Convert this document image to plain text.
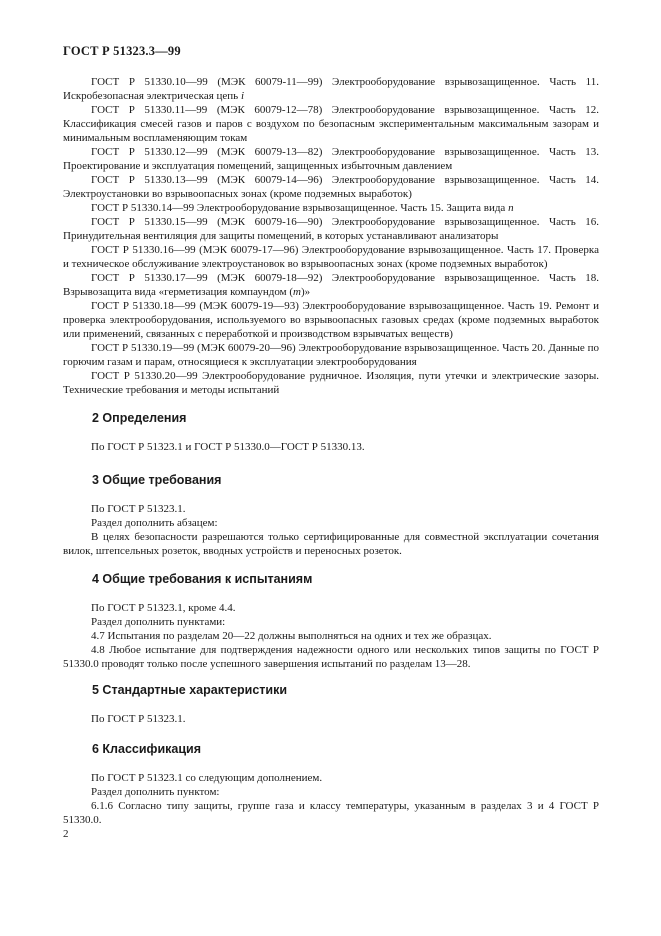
ГОСТ Р 51323.3—99

ГОСТ Р 51330.10—99 (МЭК 60079-11—99) Электрооборудование взрывозащищенное. Часть 11. Искробезопасная электрическая цепь i

ГОСТ Р 51330.11—99 (МЭК 60079-12—78) Электрооборудование взрывозащищенное. Часть 12. Классификация смесей газов и паров с воздухом по безопасным экспериментальным максимальным зазорам и минимальным воспламеняющим токам

ГОСТ Р 51330.12—99 (МЭК 60079-13—82) Электрооборудование взрывозащищенное. Часть 13. Проектирование и эксплуатация помещений, защищенных избыточным давлением

ГОСТ Р 51330.13—99 (МЭК 60079-14—96) Электрооборудование взрывозащищенное. Часть 14. Электроустановки во взрывоопасных зонах (кроме подземных выработок)

ГОСТ Р 51330.14—99 Электрооборудование взрывозащищенное. Часть 15. Защита вида n

ГОСТ Р 51330.15—99 (МЭК 60079-16—90) Электрооборудование взрывозащищенное. Часть 16. Принудительная вентиляция для защиты помещений, в которых устанавливают анализаторы

ГОСТ Р 51330.16—99 (МЭК 60079-17—96) Электрооборудование взрывозащищенное. Часть 17. Проверка и техническое обслуживание электроустановок во взрывоопасных зонах (кроме подземных выработок)

ГОСТ Р 51330.17—99 (МЭК 60079-18—92) Электрооборудование взрывозащищенное. Часть 18. Взрывозащита вида «герметизация компаундом (m)»

ГОСТ Р 51330.18—99 (МЭК 60079-19—93) Электрооборудование взрывозащищенное. Часть 19. Ремонт и проверка электрооборудования, используемого во взрывоопасных газовых средах (кроме подземных выработок или применений, связанных с переработкой и производством взрывчатых веществ)

ГОСТ Р 51330.19—99 (МЭК 60079-20—96) Электрооборудование взрывозащищенное. Часть 20. Данные по горючим газам и парам, относящиеся к эксплуатации электрооборудования

ГОСТ Р 51330.20—99 Электрооборудование рудничное. Изоляция, пути утечки и электрические зазоры. Технические требования и методы испытаний

2 Определения

По ГОСТ Р 51323.1 и ГОСТ Р 51330.0—ГОСТ Р 51330.13.

3 Общие требования

По ГОСТ Р 51323.1.

Раздел дополнить абзацем:

В целях безопасности разрешаются только сертифицированные для совместной эксплуатации сочетания вилок, штепсельных розеток, вводных устройств и переносных розеток.

4 Общие требования к испытаниям

По ГОСТ Р 51323.1, кроме 4.4.

Раздел дополнить пунктами:

4.7 Испытания по разделам 20—22 должны выполняться на одних и тех же образцах.

4.8 Любое испытание для подтверждения надежности одного или нескольких типов защиты по ГОСТ Р 51330.0 проводят только после успешного завершения испытаний по разделам 13—28.

5 Стандартные характеристики

По ГОСТ Р 51323.1.

6 Классификация

По ГОСТ Р 51323.1 со следующим дополнением.

Раздел дополнить пунктом:

6.1.6 Согласно типу защиты, группе газа и классу температуры, указанным в разделах 3 и 4 ГОСТ Р 51330.0.

2
